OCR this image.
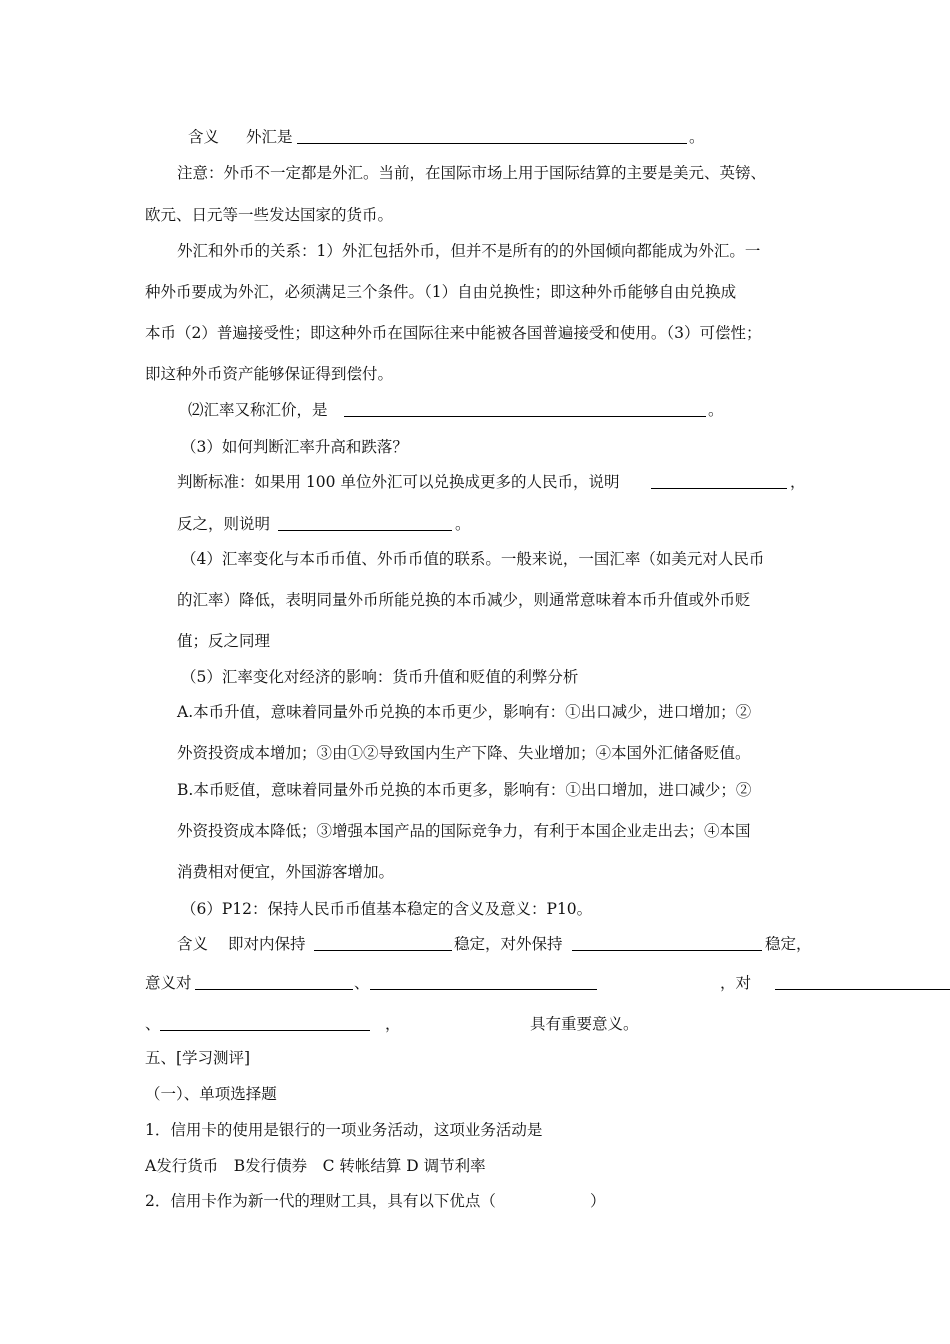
含义 外汇是	。
注意：外币不一定都是外汇。当前，在国际市场上用于国际结算的主要是美元、英镑、
欧元、日元等一些发达国家的货币。
外汇和外币的关系：1）外汇包括外币，但并不是所有的的外国倾向都能成为外汇。一
种外币要成为外汇，必须满足三个条件。（1）自由兑换性；即这种外币能够自由兑换成
本币（2）普遍接受性；即这种外币在国际往来中能被各国普遍接受和使用。（3）可偿性；
即这种外币资产能够保证得到偿付。
⑵汇率又称汇价，是	。
（3）如何判断汇率升高和跌落？
判断标准：如果用 100 单位外汇可以兑换成更多的人民币，说明	，
反之，则说明	。
（4）汇率变化与本币币值、外币币值的联系。一般来说，一国汇率（如美元对人民币
的汇率）降低，表明同量外币所能兑换的本币减少，则通常意味着本币升值或外币贬
值；反之同理
（5）汇率变化对经济的影响：货币升值和贬值的利弊分析
A.本币升值，意味着同量外币兑换的本币更少，影响有：①出口减少，进口增加；②
外资投资成本增加；③由①②导致国内生产下降、失业增加；④本国外汇储备贬值。
B.本币贬值，意味着同量外币兑换的本币更多，影响有：①出口增加，进口减少；②
外资投资成本降低；③增强本国产品的国际竞争力，有利于本国企业走出去；④本国
消费相对便宜，外国游客增加。
（6）P12：保持人民币币值基本稳定的含义及意义：P10。
含义 即对内保持	稳定，对外保持	稳定，
意义对	、	，对
、	，	具有重要意义。
五、[学习测评]
（一）、单项选择题
1．信用卡的使用是银行的一项业务活动，这项业务活动是
A发行货币　B发行债券　C 转帐结算 D 调节利率
2．信用卡作为新一代的理财工具，具有以下优点（	）
